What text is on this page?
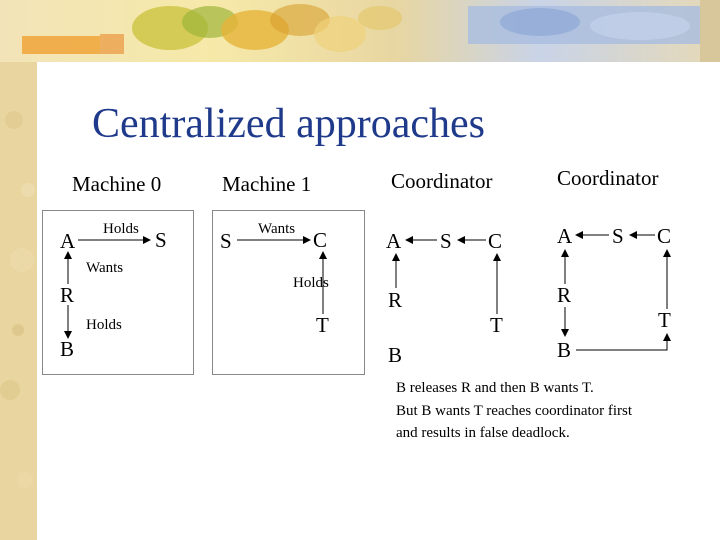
Centralized approaches
Machine 0	Machine 1	Coordinator	Coordinator
A	S
R
B
Holds
Wants
Holds
S	C
T
Wants
Holds
A S C
R
T
B
A S C
R
T
B
B releases R and then B wants T.
But B wants T reaches coordinator first
and results in false deadlock.
